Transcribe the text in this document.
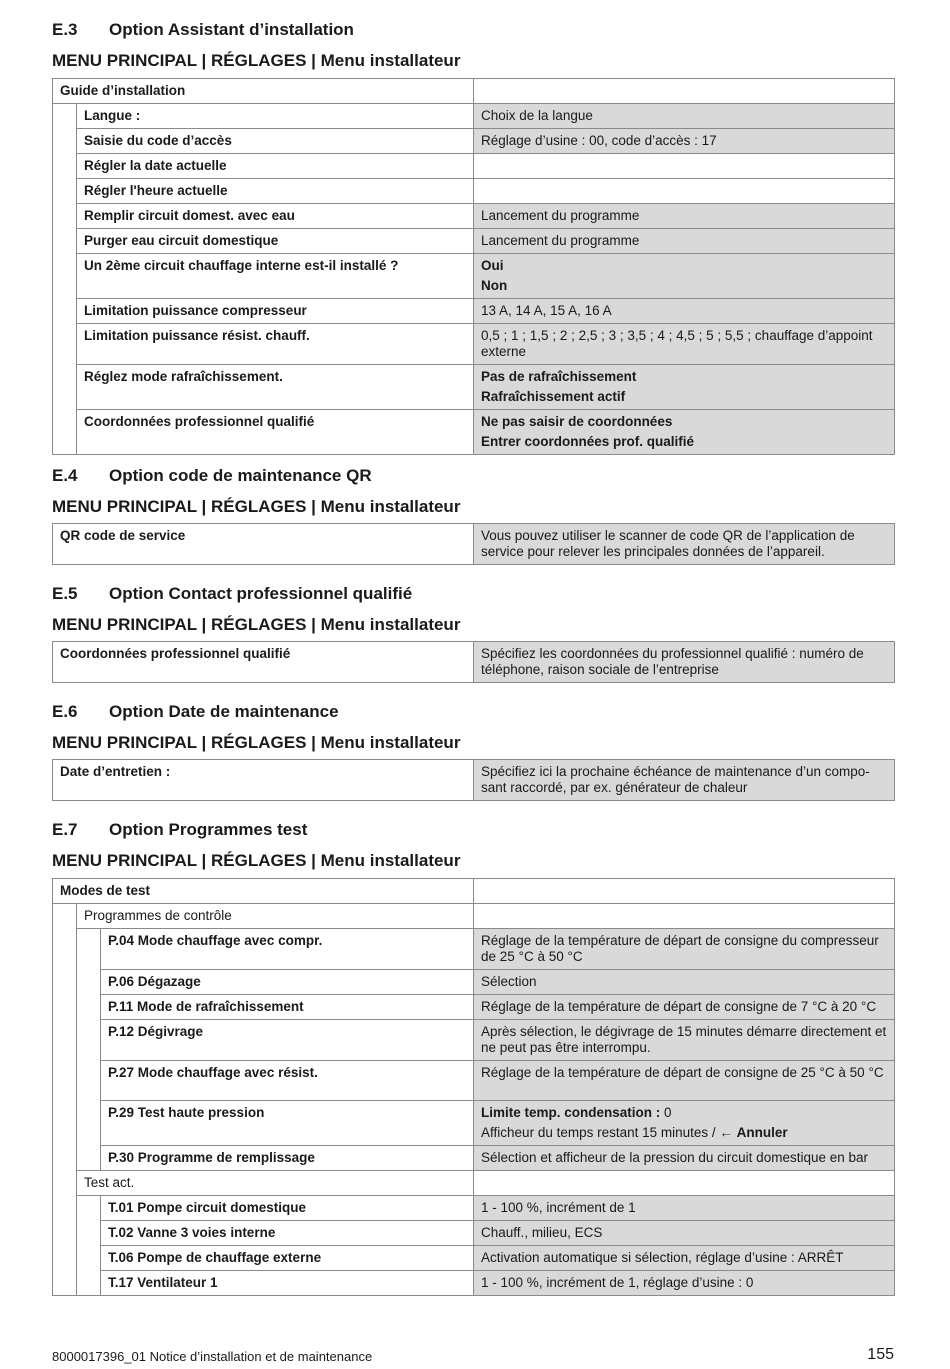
E.3 Option Assistant d’installation
MENU PRINCIPAL | RÉGLAGES | Menu installateur
Guide d’installation		
	Langue :	Choix de la langue
	Saisie du code d’accès	Réglage d’usine : 00, code d’accès : 17
	Régler la date actuelle	
	Régler l'heure actuelle	
	Remplir circuit domest. avec eau	Lancement du programme
	Purger eau circuit domestique	Lancement du programme
	Un 2ème circuit chauffage interne est-il installé ?	Oui
Non

	Limitation puissance compresseur	13 A, 14 A, 15 A, 16 A
	Limitation puissance résist. chauff.	0,5 ; 1 ; 1,5 ; 2 ; 2,5 ; 3 ; 3,5 ; 4 ; 4,5 ; 5 ; 5,5 ; chauffage d’appoint externe
	Réglez mode rafraîchissement.	Pas de rafraîchissement
Rafraîchissement actif

	Coordonnées professionnel qualifié	Ne pas saisir de coordonnées
Entrer coordonnées prof. qualifié
E.4 Option code de maintenance QR
MENU PRINCIPAL | RÉGLAGES | Menu installateur
QR code de service	Vous pouvez utiliser le scanner de code QR de l’application de service pour relever les principales données de l’appareil.
E.5 Option Contact professionnel qualifié
MENU PRINCIPAL | RÉGLAGES | Menu installateur
Coordonnées professionnel qualifié	Spécifiez les coordonnées du professionnel qualifié : numéro de téléphone, raison sociale de l’entreprise
E.6 Option Date de maintenance
MENU PRINCIPAL | RÉGLAGES | Menu installateur
Date d’entretien :	Spécifiez ici la prochaine échéance de maintenance d’un compo-sant raccordé, par ex. générateur de chaleur
E.7 Option Programmes test
MENU PRINCIPAL | RÉGLAGES | Menu installateur
Modes de test			
	Programmes de contrôle		
		P.04 Mode chauffage avec compr.	Réglage de la température de départ de consigne du compresseur de 25 °C à 50 °C
		P.06 Dégazage	Sélection
		P.11 Mode de rafraîchissement	Réglage de la température de départ de consigne de 7 °C à 20 °C
		P.12 Dégivrage	Après sélection, le dégivrage de 15 minutes démarre directement et ne peut pas être interrompu.
		P.27 Mode chauffage avec résist.	Réglage de la température de départ de consigne de 25 °C à 50 °C
		P.29 Test haute pression	Limite temp. condensation : 0
Afficheur du temps restant 15 minutes / ← Annuler

		P.30 Programme de remplissage	Sélection et afficheur de la pression du circuit domestique en bar
	Test act.		
		T.01 Pompe circuit domestique	1 - 100 %, incrément de 1
		T.02 Vanne 3 voies interne	Chauff., milieu, ECS
		T.06 Pompe de chauffage externe	Activation automatique si sélection, réglage d’usine : ARRÊT
		T.17 Ventilateur 1	1 - 100 %, incrément de 1, réglage d’usine : 0
8000017396_01 Notice d’installation et de maintenance	155
